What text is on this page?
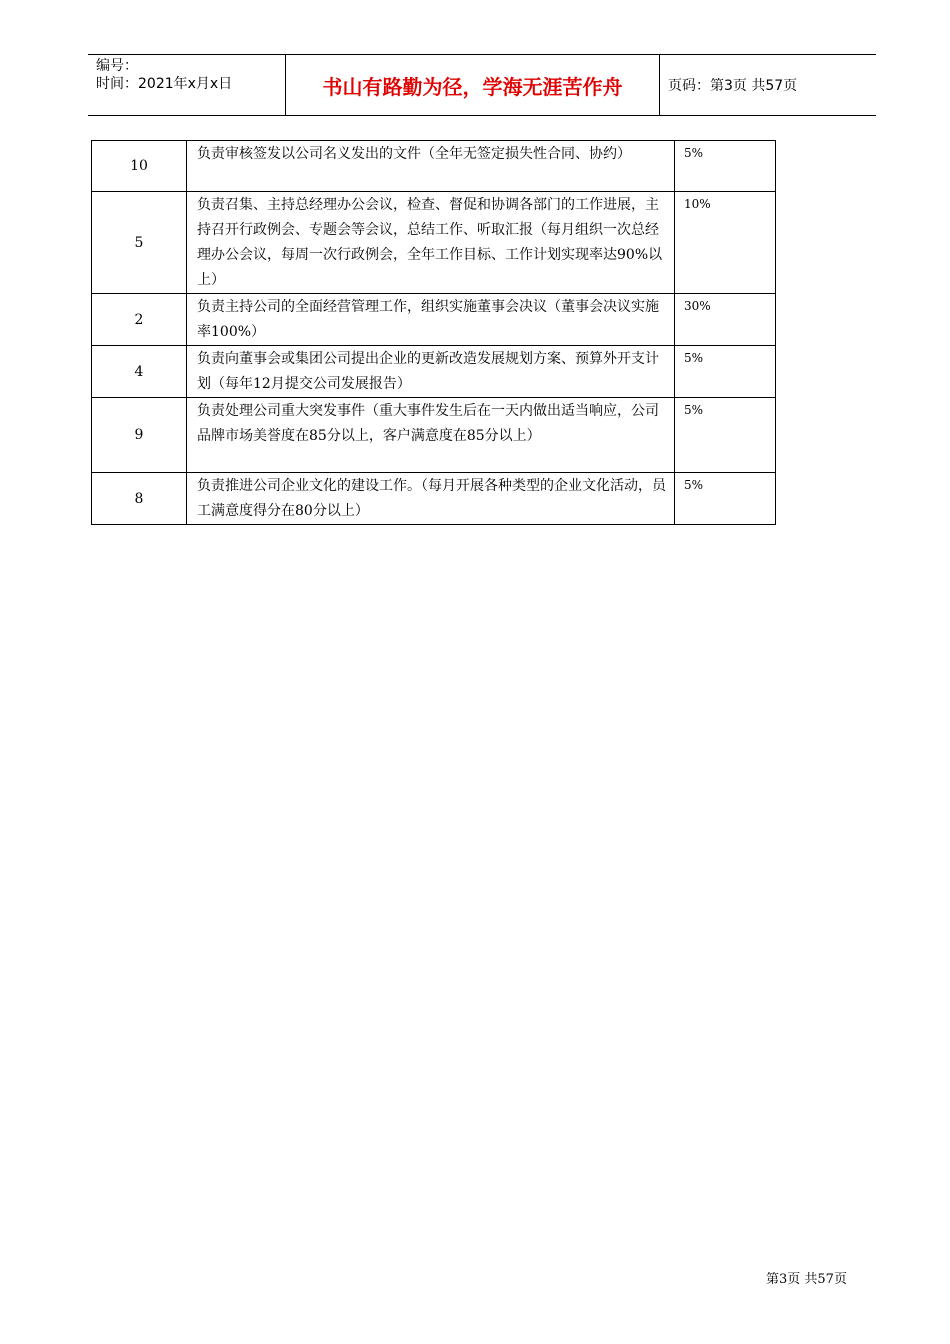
编号：
时间：2021年x月x日	书山有路勤为径，学海无涯苦作舟	页码：第3页 共57页
10	负责审核签发以公司名义发出的文件（全年无签定损失性合同、协约）	5%
5	负责召集、主持总经理办公会议，检查、督促和协调各部门的工作进展，主持召开行政例会、专题会等会议，总结工作、听取汇报（每月组织一次总经理办公会议，每周一次行政例会，全年工作目标、工作计划实现率达90%以上）	10%
2	负责主持公司的全面经营管理工作，组织实施董事会决议（董事会决议实施率100%）	30%
4	负责向董事会或集团公司提出企业的更新改造发展规划方案、预算外开支计划（每年12月提交公司发展报告）	5%
9	负责处理公司重大突发事件（重大事件发生后在一天内做出适当响应，公司品牌市场美誉度在85分以上，客户满意度在85分以上）	5%
8	负责推进公司企业文化的建设工作。（每月开展各种类型的企业文化活动，员工满意度得分在80分以上）	5%
第3页 共57页
